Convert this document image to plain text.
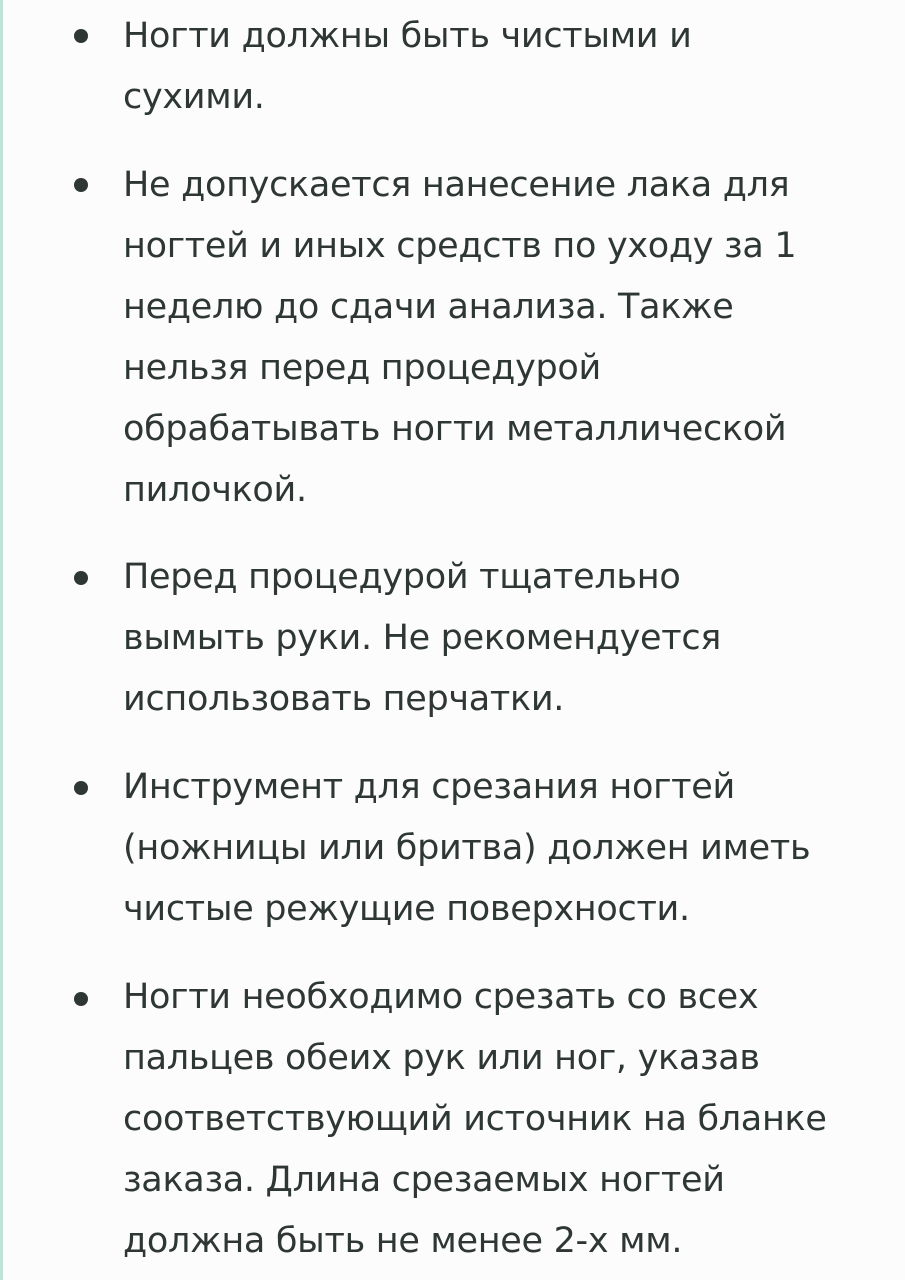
Ногти должны быть чистыми и сухими.

Не допускается нанесение лака для ногтей и иных средств по уходу за 1 неделю до сдачи анализа. Также нельзя перед процедурой обрабатывать ногти металлической пилочкой.

Перед процедурой тщательно вымыть руки. Не рекомендуется использовать перчатки.

Инструмент для срезания ногтей (ножницы или бритва) должен иметь чистые режущие поверхности.

Ногти необходимо срезать со всех пальцев обеих рук или ног, указав соответствующий источник на бланке заказа. Длина срезаемых ногтей должна быть не менее 2-х мм.
